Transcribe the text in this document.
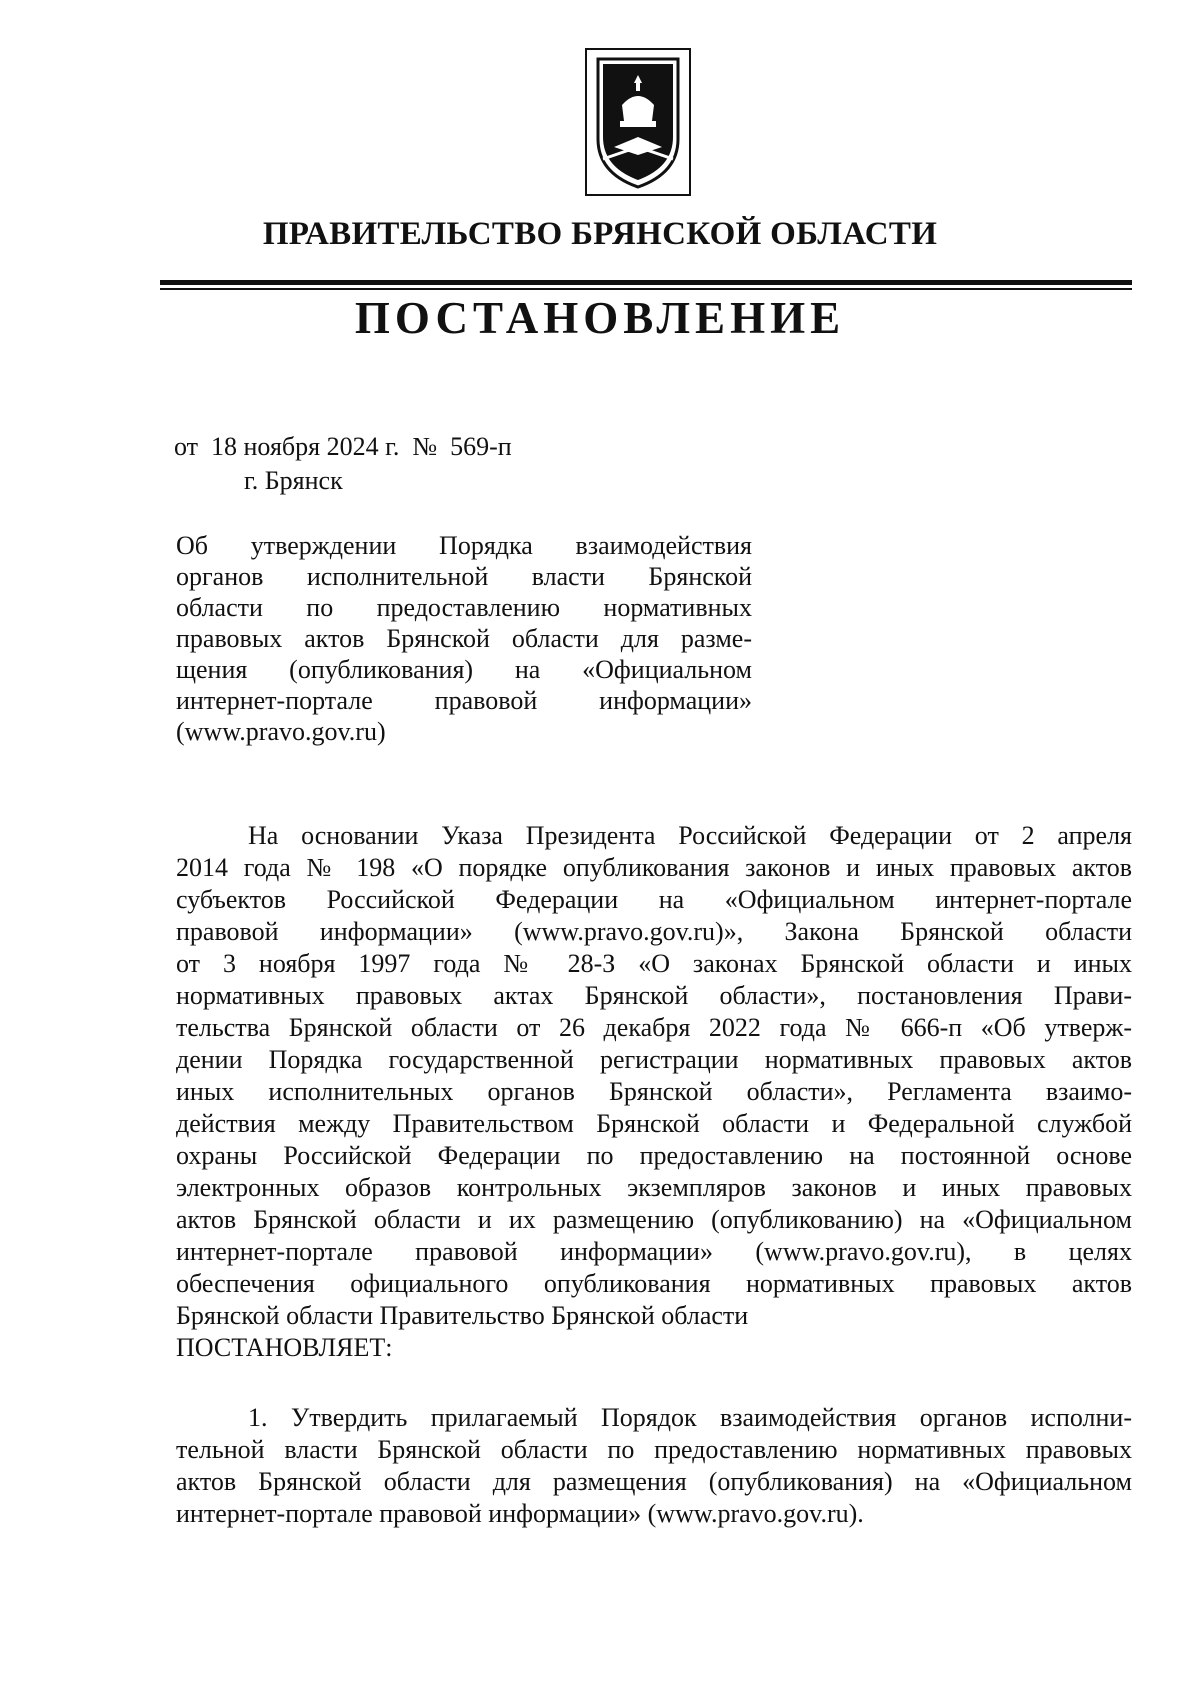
ПРАВИТЕЛЬСТВО БРЯНСКОЙ ОБЛАСТИ
ПОСТАНОВЛЕНИЕ
от  18 ноября 2024 г.  №  569-п
г. Брянск
Об утверждении Порядка взаимодействия
органов исполнительной власти Брянской
области по предоставлению нормативных
правовых актов Брянской области для разме-
щения (опубликования) на «Официальном
интернет-портале правовой информации»
(www.pravo.gov.ru)
На основании Указа Президента Российской Федерации от 2 апреля
2014 года № 198 «О порядке опубликования законов и иных правовых актов
субъектов Российской Федерации на «Официальном интернет-портале
правовой информации» (www.pravo.gov.ru)», Закона Брянской области
от 3 ноября 1997 года № 28-З «О законах Брянской области и иных
нормативных правовых актах Брянской области», постановления Прави-
тельства Брянской области от 26 декабря 2022 года № 666-п «Об утверж-
дении Порядка государственной регистрации нормативных правовых актов
иных исполнительных органов Брянской области», Регламента взаимо-
действия между Правительством Брянской области и Федеральной службой
охраны Российской Федерации по предоставлению на постоянной основе
электронных образов контрольных экземпляров законов и иных правовых
актов Брянской области и их размещению (опубликованию) на «Официальном
интернет-портале правовой информации» (www.pravo.gov.ru), в целях
обеспечения официального опубликования нормативных правовых актов
Брянской области Правительство Брянской области
ПОСТАНОВЛЯЕТ:
1. Утвердить прилагаемый Порядок взаимодействия органов исполни-
тельной власти Брянской области по предоставлению нормативных правовых
актов Брянской области для размещения (опубликования) на «Официальном
интернет-портале правовой информации» (www.pravo.gov.ru).
